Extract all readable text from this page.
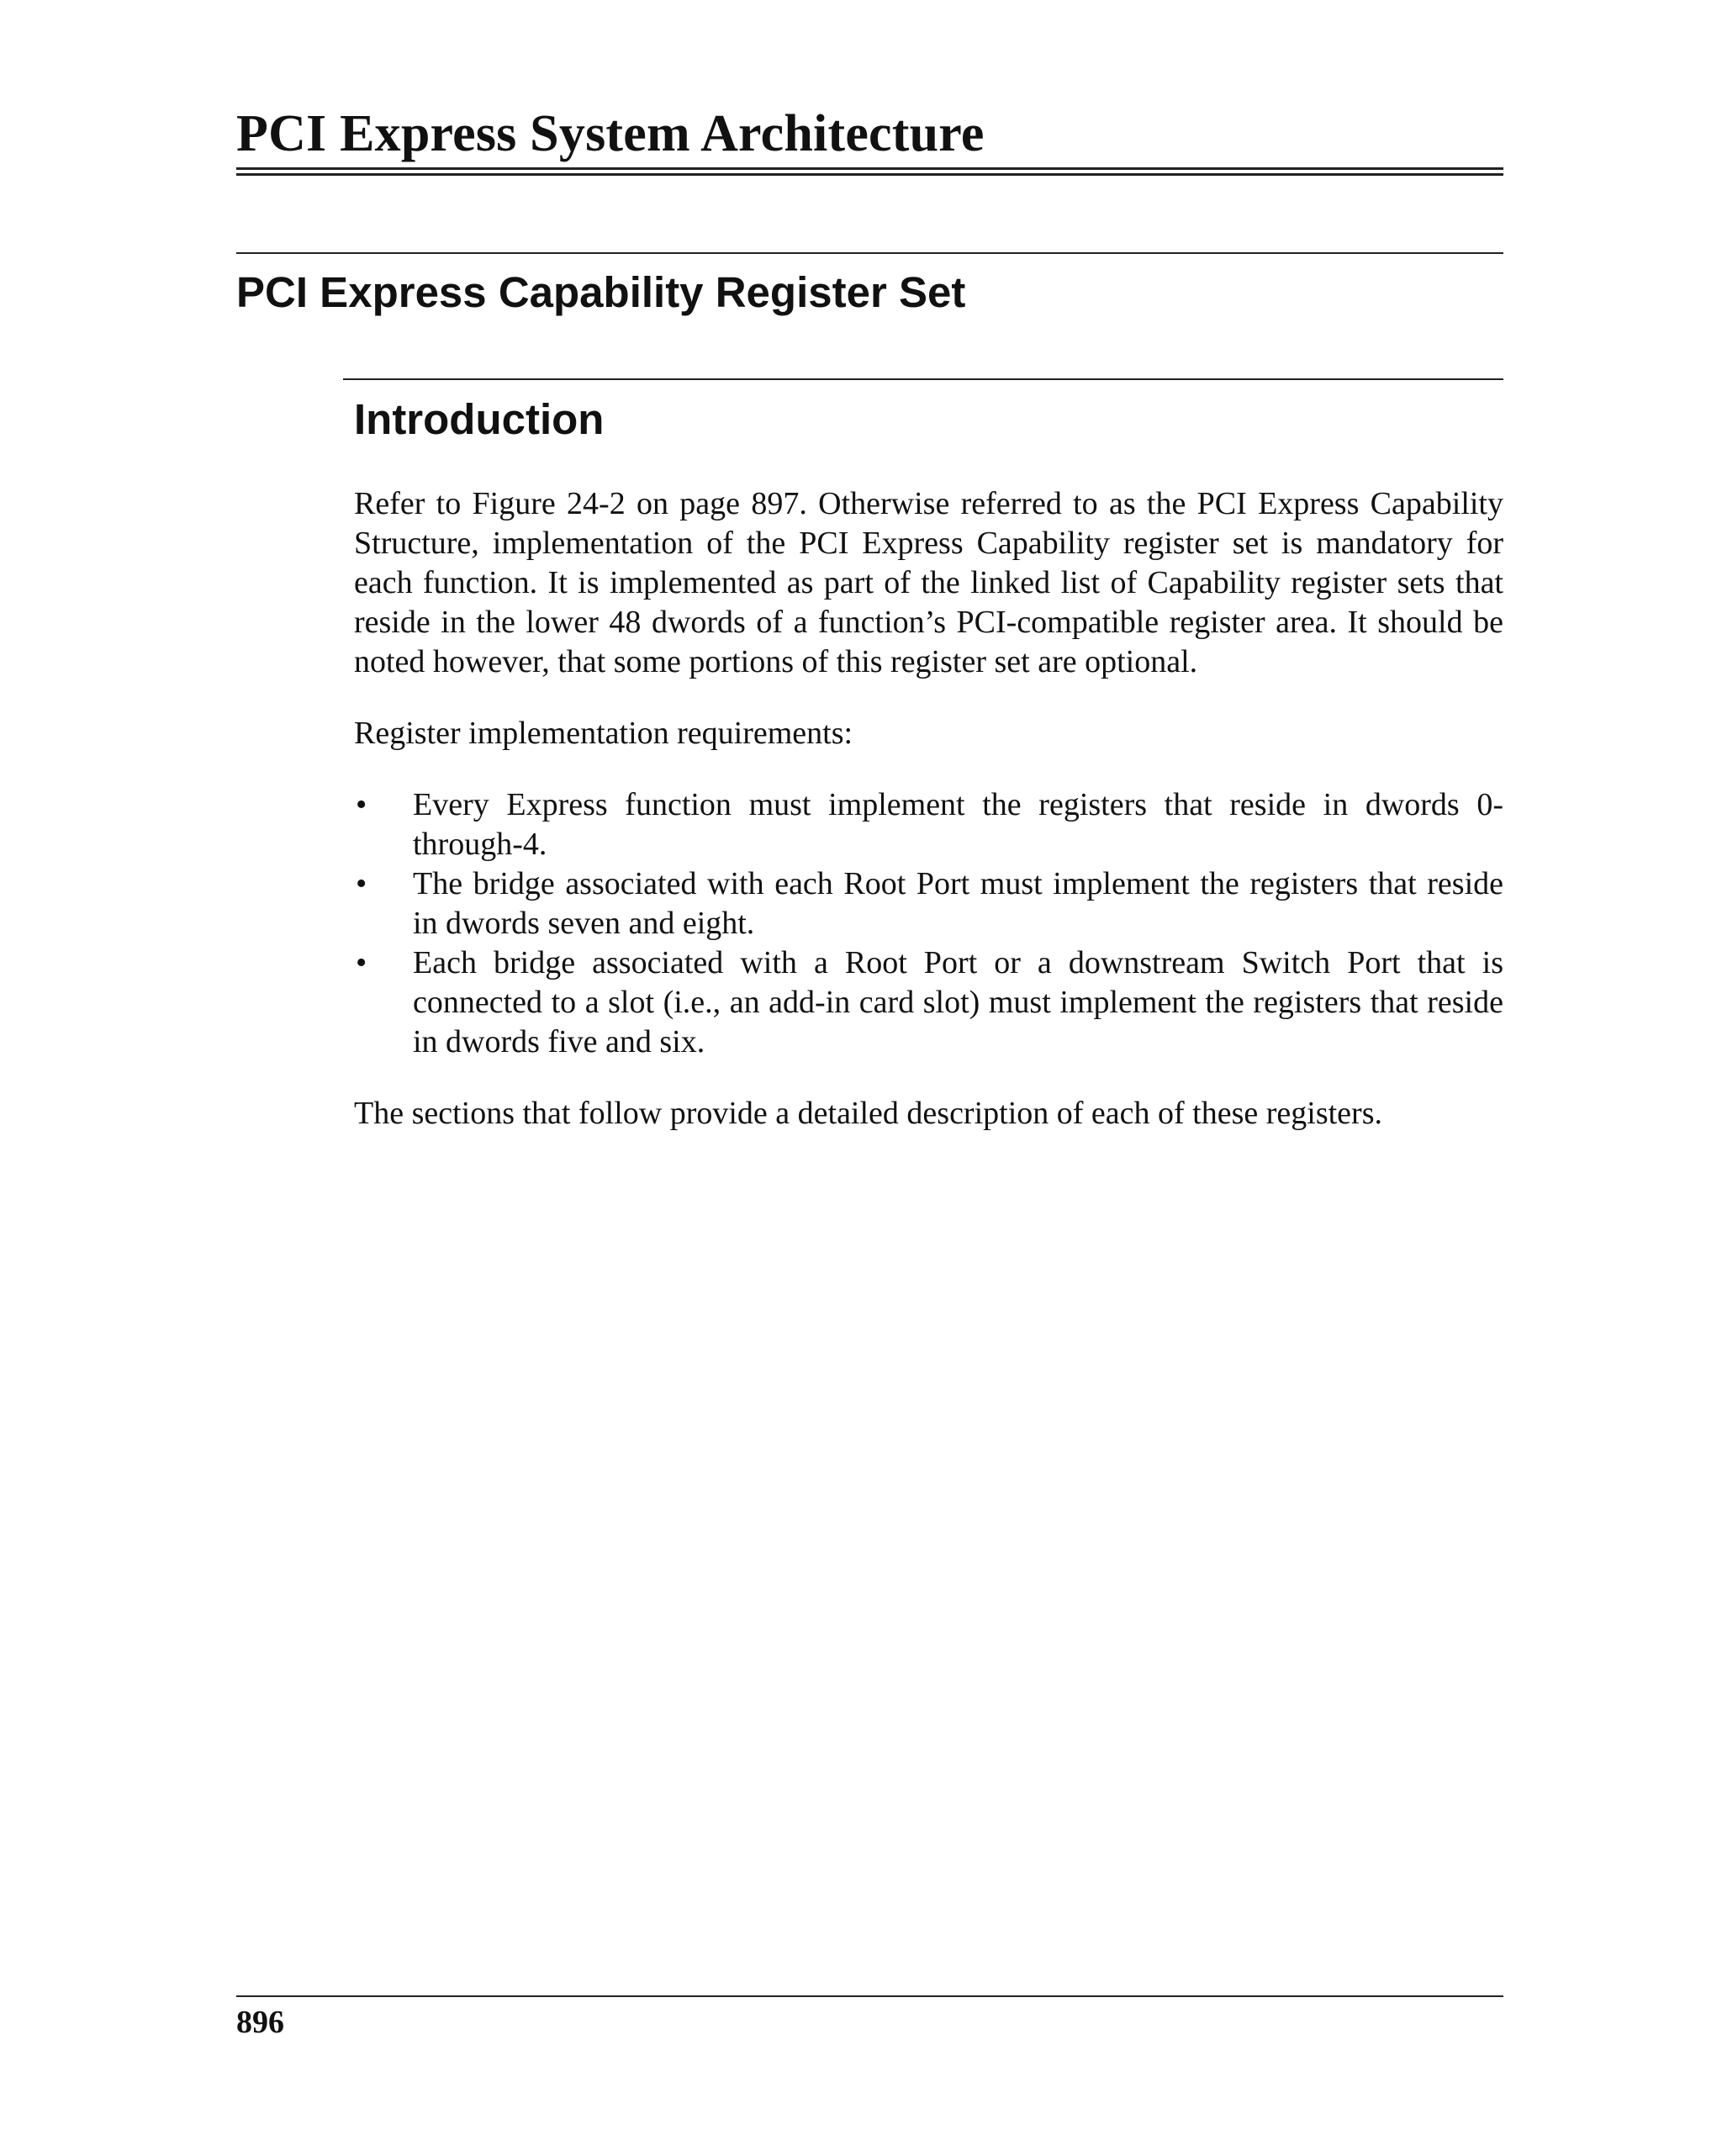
PCI Express System Architecture
PCI Express Capability Register Set
Introduction

Refer to Figure 24-2 on page 897. Otherwise referred to as the PCI Express Capability Structure, implementation of the PCI Express Capability register set is mandatory for each function. It is implemented as part of the linked list of Capability register sets that reside in the lower 48 dwords of a function’s PCI-​compatible register area. It should be noted however, that some portions of this register set are optional.

Register implementation requirements:

• Every Express function must implement the registers that reside in dwords 0-through-4.
• The bridge associated with each Root Port must implement the registers that reside in dwords seven and eight.
• Each bridge associated with a Root Port or a downstream Switch Port that is connected to a slot (i.e., an add-in card slot) must implement the registers that reside in dwords five and six.

The sections that follow provide a detailed description of each of these registers.

896
